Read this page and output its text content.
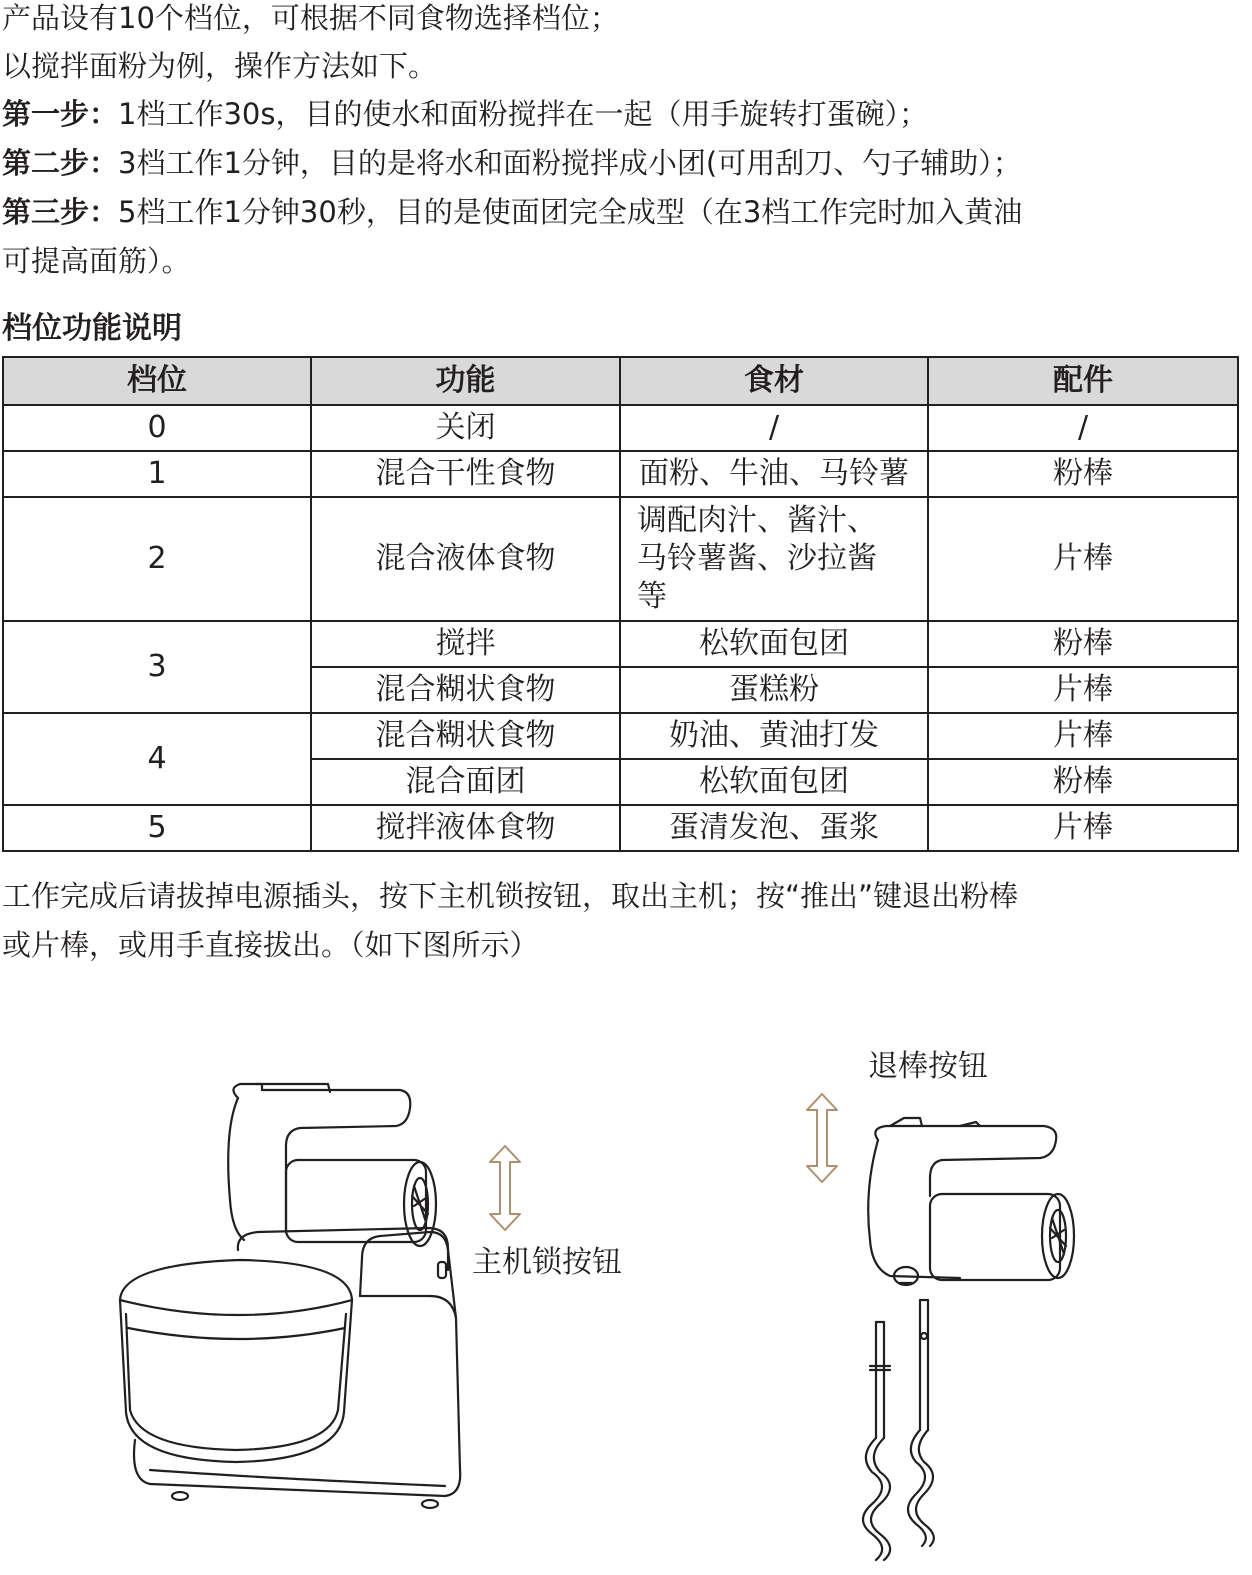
产品设有10个档位，可根据不同食物选择档位；

以搅拌面粉为例，操作方法如下。

第一步：1档工作30s，目的使水和面粉搅拌在一起（用手旋转打蛋碗）；

第二步：3档工作1分钟，目的是将水和面粉搅拌成小团(可用刮刀、勺子辅助）；

第三步：5档工作1分钟30秒，目的是使面团完全成型（在3档工作完时加入黄油

可提高面筋）。

档位功能说明
档位	功能	食材	配件
0	关闭	/	/
1	混合干性食物	面粉、牛油、马铃薯	粉棒
2	混合液体食物	调配肉汁、酱汁、
马铃薯酱、沙拉酱
等	片棒
3	搅拌	松软面包团	粉棒
	混合糊状食物	蛋糕粉	片棒
4	混合糊状食物	奶油、黄油打发	片棒
	混合面团	松软面包团	粉棒
5	搅拌液体食物	蛋清发泡、蛋浆	片棒

工作完成后请拔掉电源插头，按下主机锁按钮，取出主机；按“推出”键退出粉棒

或片棒，或用手直接拔出。（如下图所示）

主机锁按钮
退棒按钮
